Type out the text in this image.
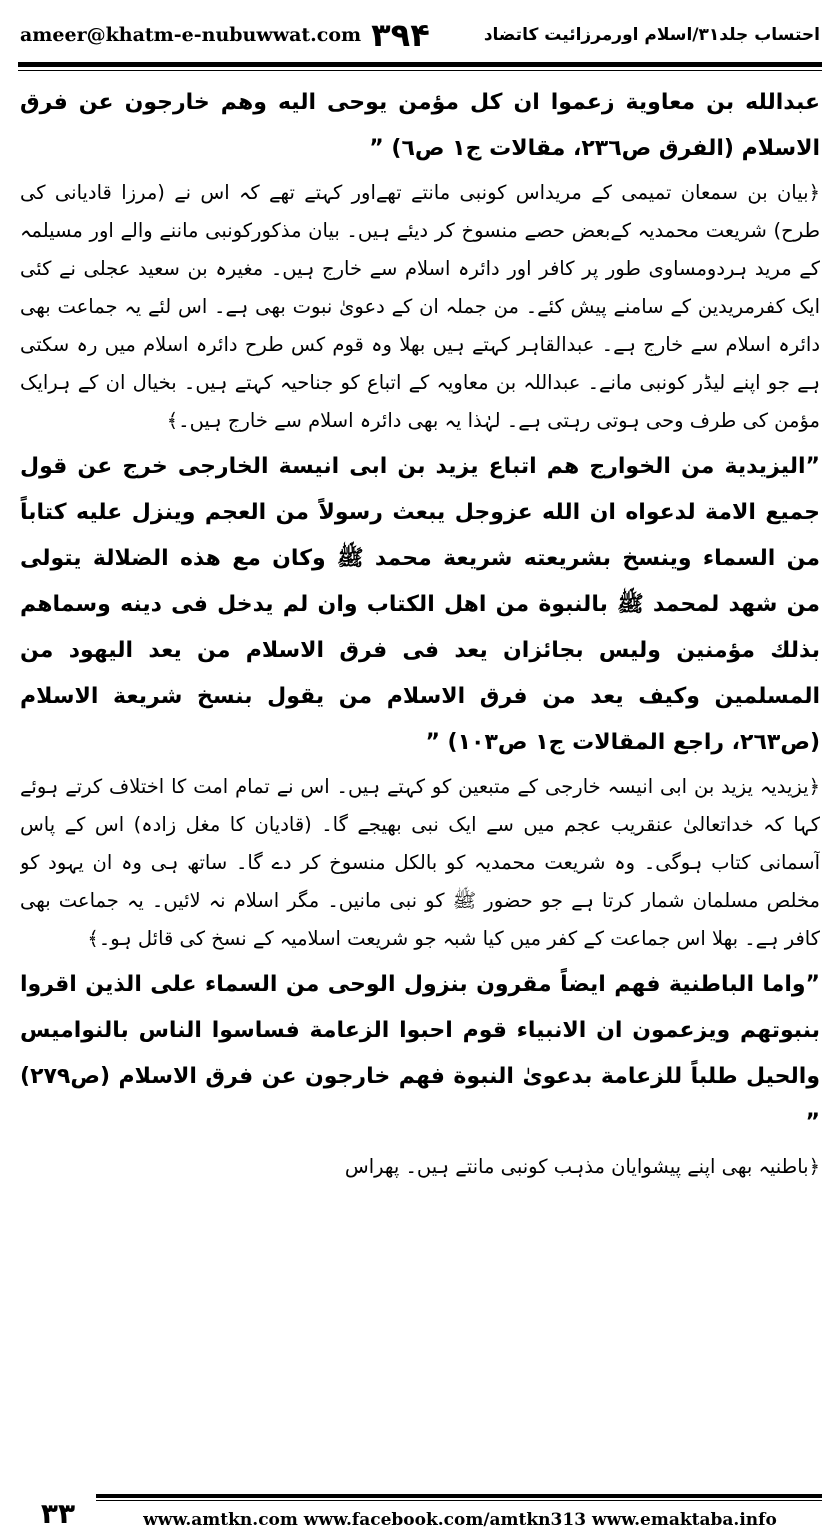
ameer@khatm-e-nubuwwat.com ۳۹۴	احتساب جلد۳۱/اسلام اورمرزائیت کاتضاد

عبدالله بن معاوية زعموا ان كل مؤمن يوحى اليه وهم خارجون عن فرق الاسلام (الفرق ص٢٣٦، مقالات ج١ ص٦) ”

﴿بیان بن سمعان تمیمی کے مریداس کونبی مانتے تھےاور کہتے تھے کہ اس نے (مرزا قادیانی کی طرح) شریعت محمدیہ کےبعض حصے منسوخ کر دیئے ہیں۔ بیان مذکورکونبی ماننے والے اور مسیلمہ کے مرید ہردومساوی طور پر کافر اور دائرہ اسلام سے خارج ہیں۔ مغیرہ بن سعید عجلی نے کئی ایک کفرمریدین کے سامنے پیش کئے۔ من جملہ ان کے دعویٰ نبوت بھی ہے۔ اس لئے یہ جماعت بھی دائرہ اسلام سے خارج ہے۔ عبدالقاہر کہتے ہیں بھلا وہ قوم کس طرح دائرہ اسلام میں رہ سکتی ہے جو اپنے لیڈر کونبی مانے۔ عبداللہ بن معاویہ کے اتباع کو جناحیہ کہتے ہیں۔ بخیال ان کے ہرایک مؤمن کی طرف وحی ہوتی رہتی ہے۔ لہٰذا یہ بھی دائرہ اسلام سے خارج ہیں۔﴾

”اليزيدية من الخوارج هم اتباع يزيد بن ابى انيسة الخارجى خرج عن قول جميع الامة لدعواه ان الله عزوجل يبعث رسولاً من العجم وينزل عليه كتاباً من السماء وينسخ بشريعته شريعة محمد ﷺ وكان مع هذه الضلالة يتولى من شهد لمحمد ﷺ بالنبوة من اهل الكتاب وان لم يدخل فى دينه وسماهم بذلك مؤمنين وليس بجائزان يعد فى فرق الاسلام من يعد اليهود من المسلمين وكيف يعد من فرق الاسلام من يقول بنسخ شريعة الاسلام (ص٢٦٣، راجع المقالات ج١ ص١٠٣) ”

﴿یزیدیہ یزید بن ابی انیسہ خارجی کے متبعین کو کہتے ہیں۔ اس نے تمام امت کا اختلاف کرتے ہوئے کہا کہ خداتعالیٰ عنقریب عجم میں سے ایک نبی بھیجے گا۔ (قادیان کا مغل زادہ) اس کے پاس آسمانی کتاب ہوگی۔ وہ شریعت محمدیہ کو بالکل منسوخ کر دے گا۔ ساتھ ہی وہ ان یہود کو مخلص مسلمان شمار کرتا ہے جو حضور ﷺ کو نبی مانیں۔ مگر اسلام نہ لائیں۔ یہ جماعت بھی کافر ہے۔ بھلا اس جماعت کے کفر میں کیا شبہ جو شریعت اسلامیہ کے نسخ کی قائل ہو۔﴾

”واما الباطنية فهم ايضاً مقرون بنزول الوحى من السماء على الذين اقروا بنبوتهم ويزعمون ان الانبياء قوم احبوا الزعامة فساسوا الناس بالنواميس والحيل طلباً للزعامة بدعوىٰ النبوة فهم خارجون عن فرق الاسلام (ص٢٧٩) ”

﴿باطنیہ بھی اپنے پیشوایان مذہب کونبی مانتے ہیں۔ پھراس

۳۳	www.amtkn.com www.facebook.com/amtkn313 www.emaktaba.info
